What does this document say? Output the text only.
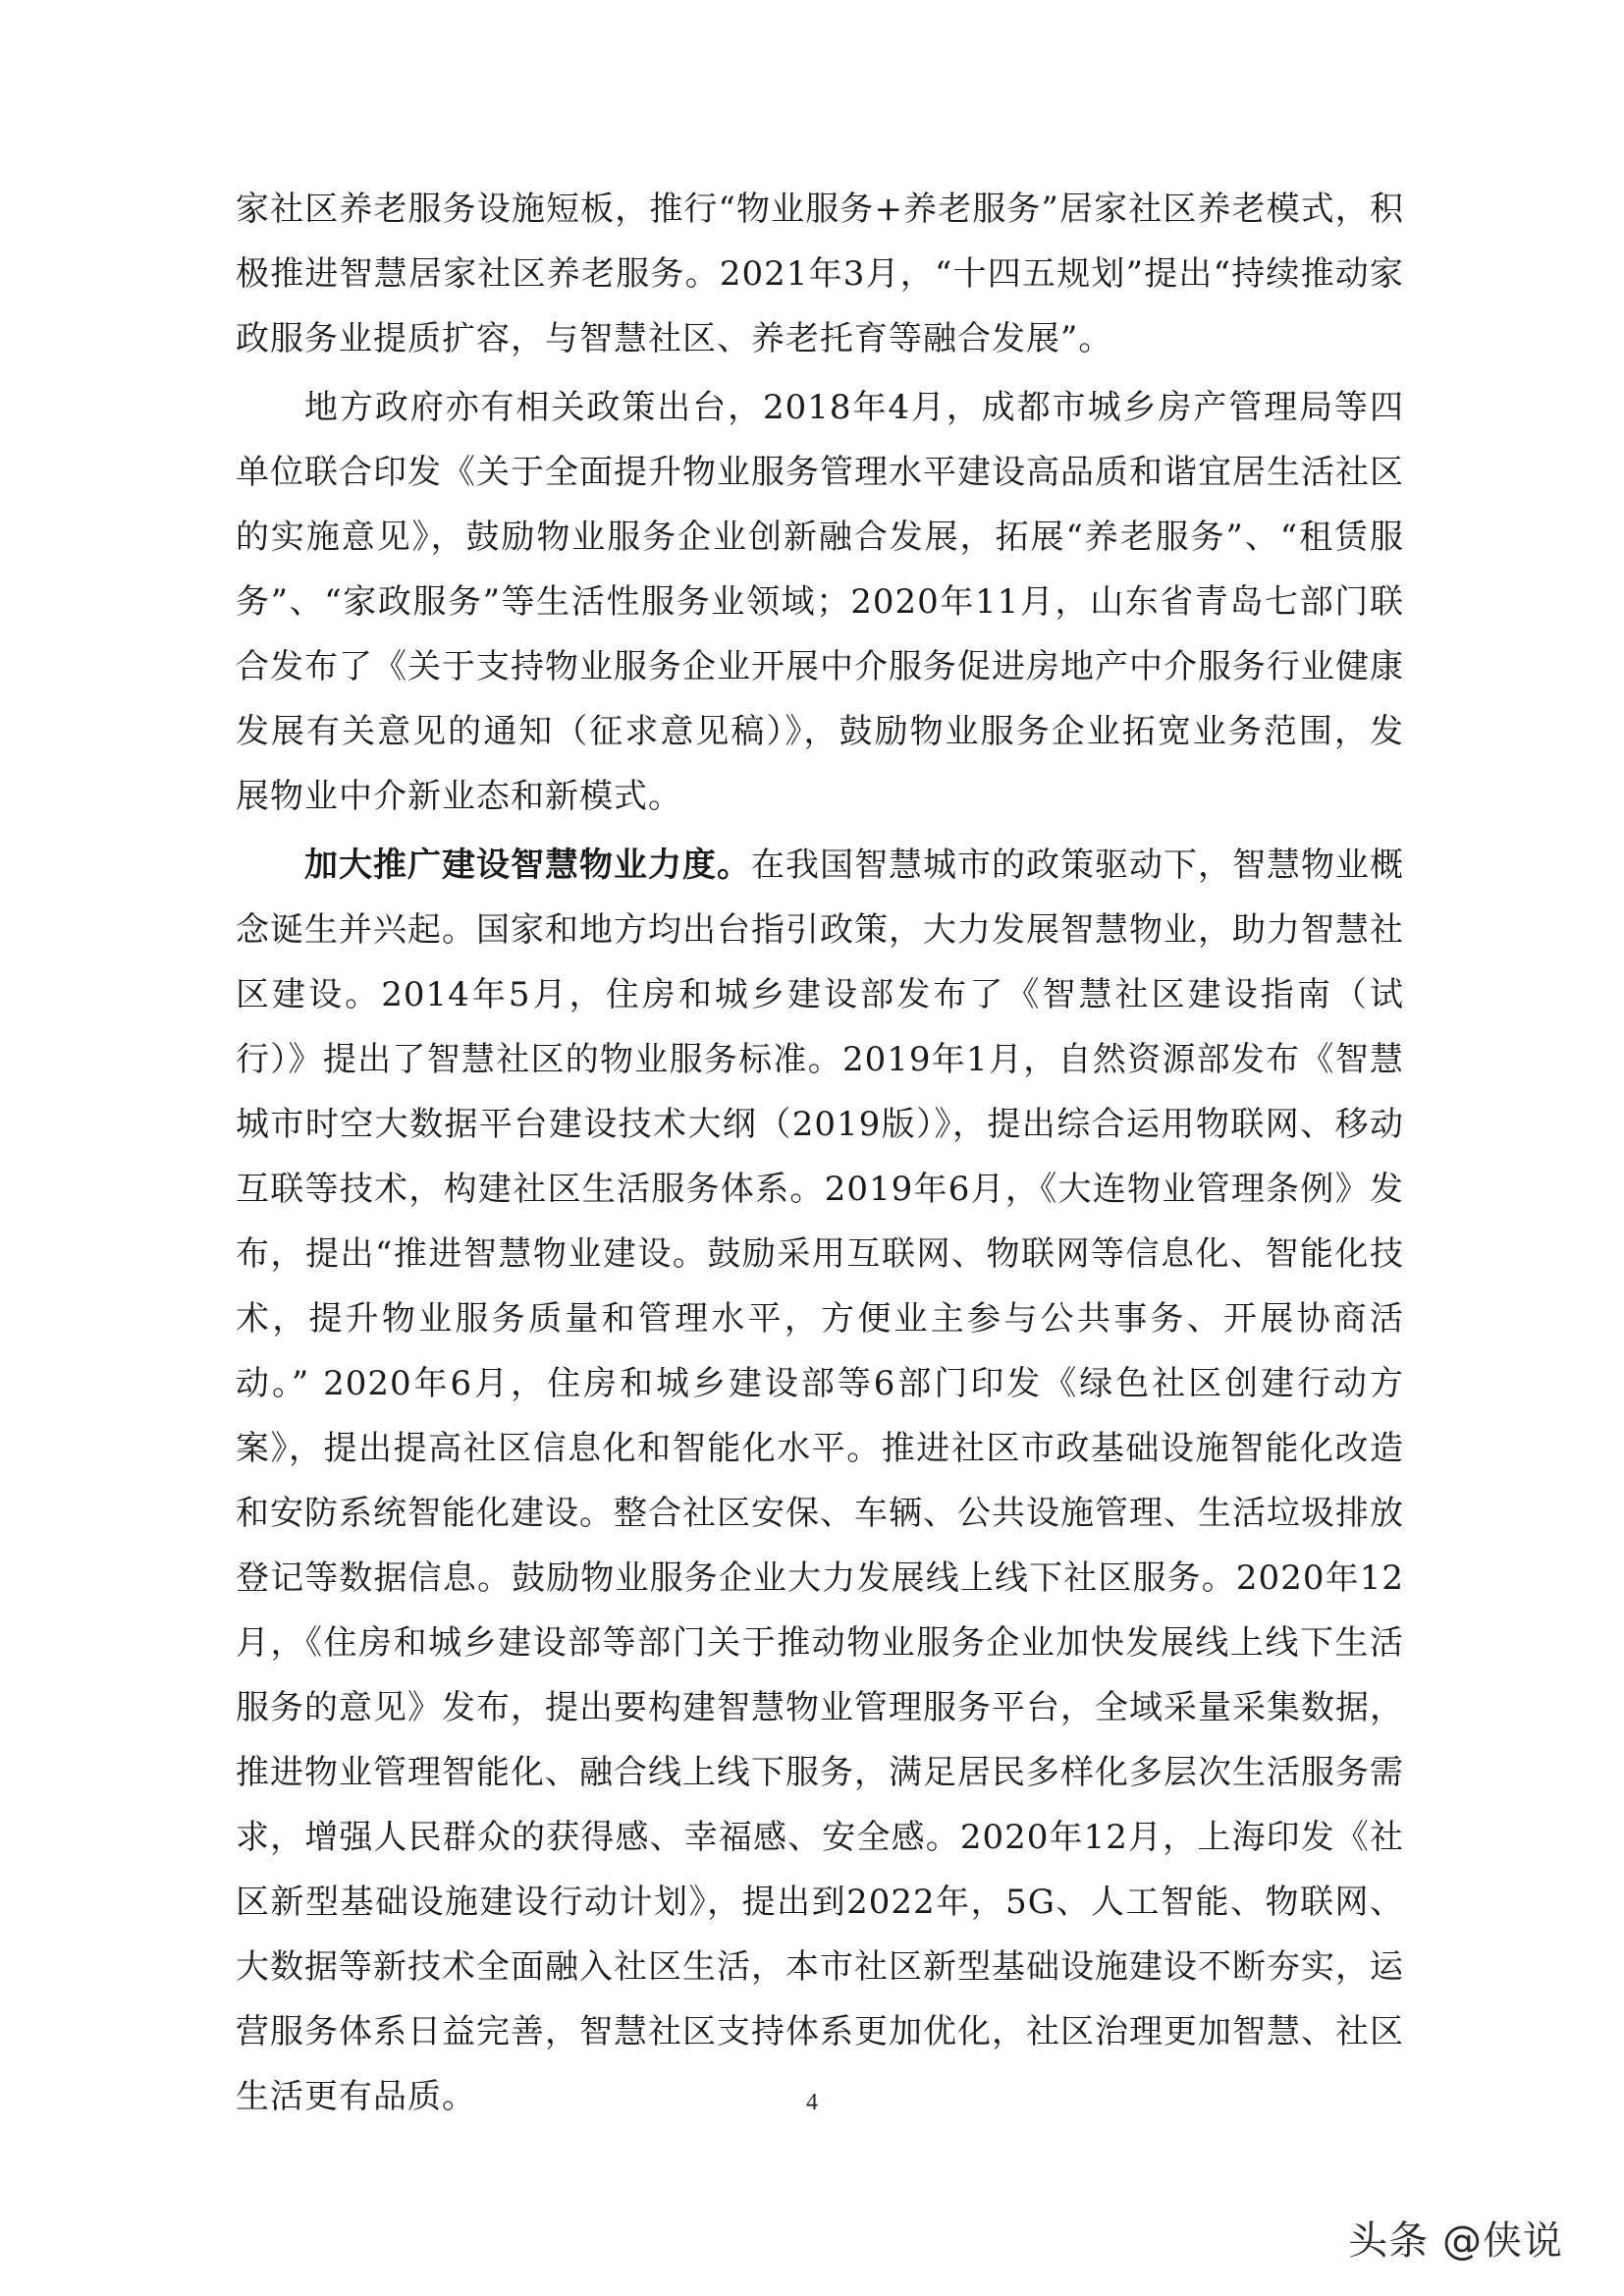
家社区养老服务设施短板，推行“物业服务+养老服务”居家社区养老模式，积极推进智慧居家社区养老服务。2021年3月，“十四五规划”提出“持续推动家政服务业提质扩容，与智慧社区、养老托育等融合发展”。

地方政府亦有相关政策出台，2018年4月，成都市城乡房产管理局等四单位联合印发《关于全面提升物业服务管理水平建设高品质和谐宜居生活社区的实施意见》，鼓励物业服务企业创新融合发展，拓展“养老服务”、“租赁服务”、“家政服务”等生活性服务业领域；2020年11月，山东省青岛七部门联合发布了《关于支持物业服务企业开展中介服务促进房地产中介服务行业健康发展有关意见的通知（征求意见稿）》，鼓励物业服务企业拓宽业务范围，发展物业中介新业态和新模式。

加大推广建设智慧物业力度。在我国智慧城市的政策驱动下，智慧物业概念诞生并兴起。国家和地方均出台指引政策，大力发展智慧物业，助力智慧社区建设。2014年5月，住房和城乡建设部发布了《智慧社区建设指南（试行）》提出了智慧社区的物业服务标准。2019年1月，自然资源部发布《智慧城市时空大数据平台建设技术大纲（2019版）》，提出综合运用物联网、移动互联等技术，构建社区生活服务体系。2019年6月，《大连物业管理条例》发布，提出“推进智慧物业建设。鼓励采用互联网、物联网等信息化、智能化技术，提升物业服务质量和管理水平，方便业主参与公共事务、开展协商活动。” 2020年6月，住房和城乡建设部等6部门印发《绿色社区创建行动方案》，提出提高社区信息化和智能化水平。推进社区市政基础设施智能化改造和安防系统智能化建设。整合社区安保、车辆、公共设施管理、生活垃圾排放登记等数据信息。鼓励物业服务企业大力发展线上线下社区服务。2020年12月，《住房和城乡建设部等部门关于推动物业服务企业加快发展线上线下生活服务的意见》发布，提出要构建智慧物业管理服务平台，全域采量采集数据，推进物业管理智能化、融合线上线下服务，满足居民多样化多层次生活服务需求，增强人民群众的获得感、幸福感、安全感。2020年12月，上海印发《社区新型基础设施建设行动计划》，提出到2022年，5G、人工智能、物联网、大数据等新技术全面融入社区生活，本市社区新型基础设施建设不断夯实，运营服务体系日益完善，智慧社区支持体系更加优化，社区治理更加智慧、社区生活更有品质。	4
头条 @侠说
